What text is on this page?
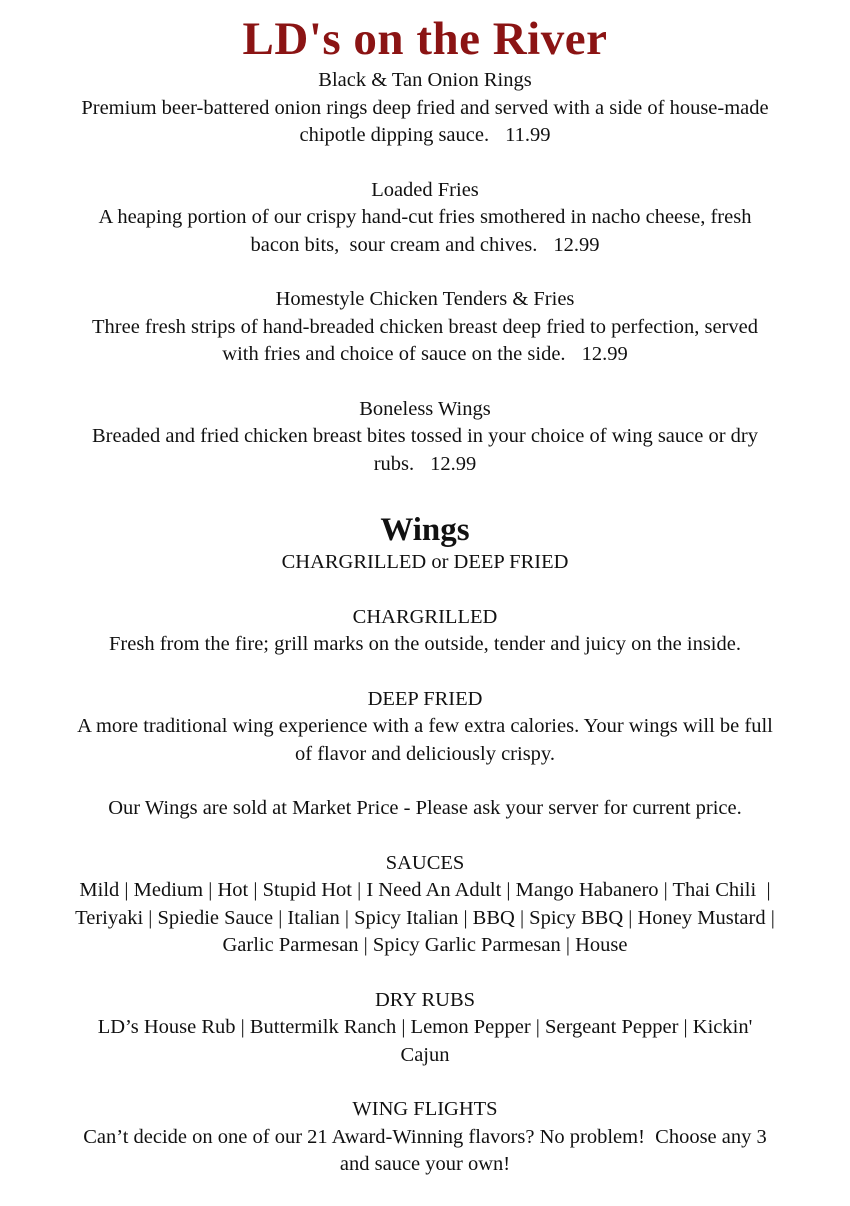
LD's on the River

Black & Tan Onion Rings

Premium beer-battered onion rings deep fried and served with a side of house-made

chipotle dipping sauce. 11.99

Loaded Fries

A heaping portion of our crispy hand-cut fries smothered in nacho cheese, fresh

bacon bits,  sour cream and chives. 12.99

Homestyle Chicken Tenders & Fries

Three fresh strips of hand-breaded chicken breast deep fried to perfection, served

with fries and choice of sauce on the side. 12.99

Boneless Wings

Breaded and fried chicken breast bites tossed in your choice of wing sauce or dry

rubs. 12.99

Wings

CHARGRILLED or DEEP FRIED

CHARGRILLED

Fresh from the fire; grill marks on the outside, tender and juicy on the inside.

DEEP FRIED

A more traditional wing experience with a few extra calories. Your wings will be full

of flavor and deliciously crispy.

Our Wings are sold at Market Price - Please ask your server for current price.

SAUCES

Mild | Medium | Hot | Stupid Hot | I Need An Adult | Mango Habanero | Thai Chili  |

Teriyaki | Spiedie Sauce | Italian | Spicy Italian | BBQ | Spicy BBQ | Honey Mustard |

Garlic Parmesan | Spicy Garlic Parmesan | House

DRY RUBS

LD’s House Rub | Buttermilk Ranch | Lemon Pepper | Sergeant Pepper | Kickin'

Cajun

WING FLIGHTS

Can’t decide on one of our 21 Award-Winning flavors? No problem!  Choose any 3

and sauce your own!
